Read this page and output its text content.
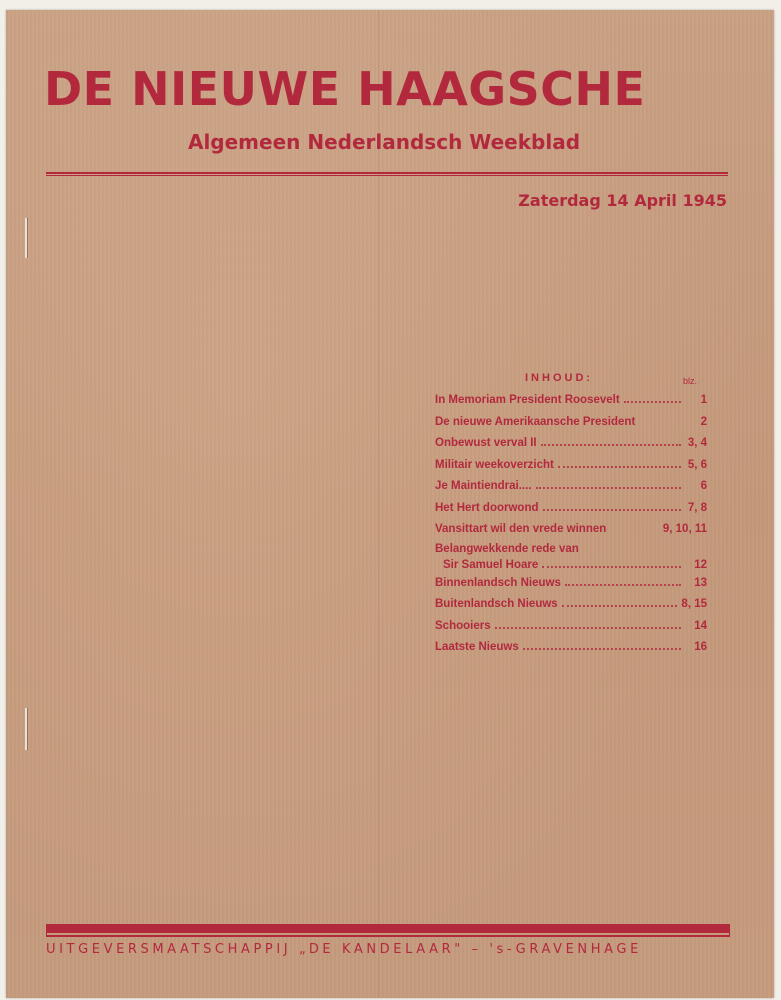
DE NIEUWE HAAGSCHE
Algemeen Nederlandsch Weekblad
Zaterdag 14 April 1945
INHOUD:	blz.
In Memoriam President Roosevelt	1
De nieuwe Amerikaansche President	2
Onbewust verval II	3, 4
Militair weekoverzicht	5, 6
Je Maintiendrai....	6
Het Hert doorwond	7, 8
Vansittart wil den vrede winnen	9, 10, 11
Belangwekkende rede van
Sir Samuel Hoare	12
Binnenlandsch Nieuws	13
Buitenlandsch Nieuws	8, 15
Schooiers	14
Laatste Nieuws	16
UITGEVERSMAATSCHAPPIJ „DE KANDELAAR" – 's-GRAVENHAGE
